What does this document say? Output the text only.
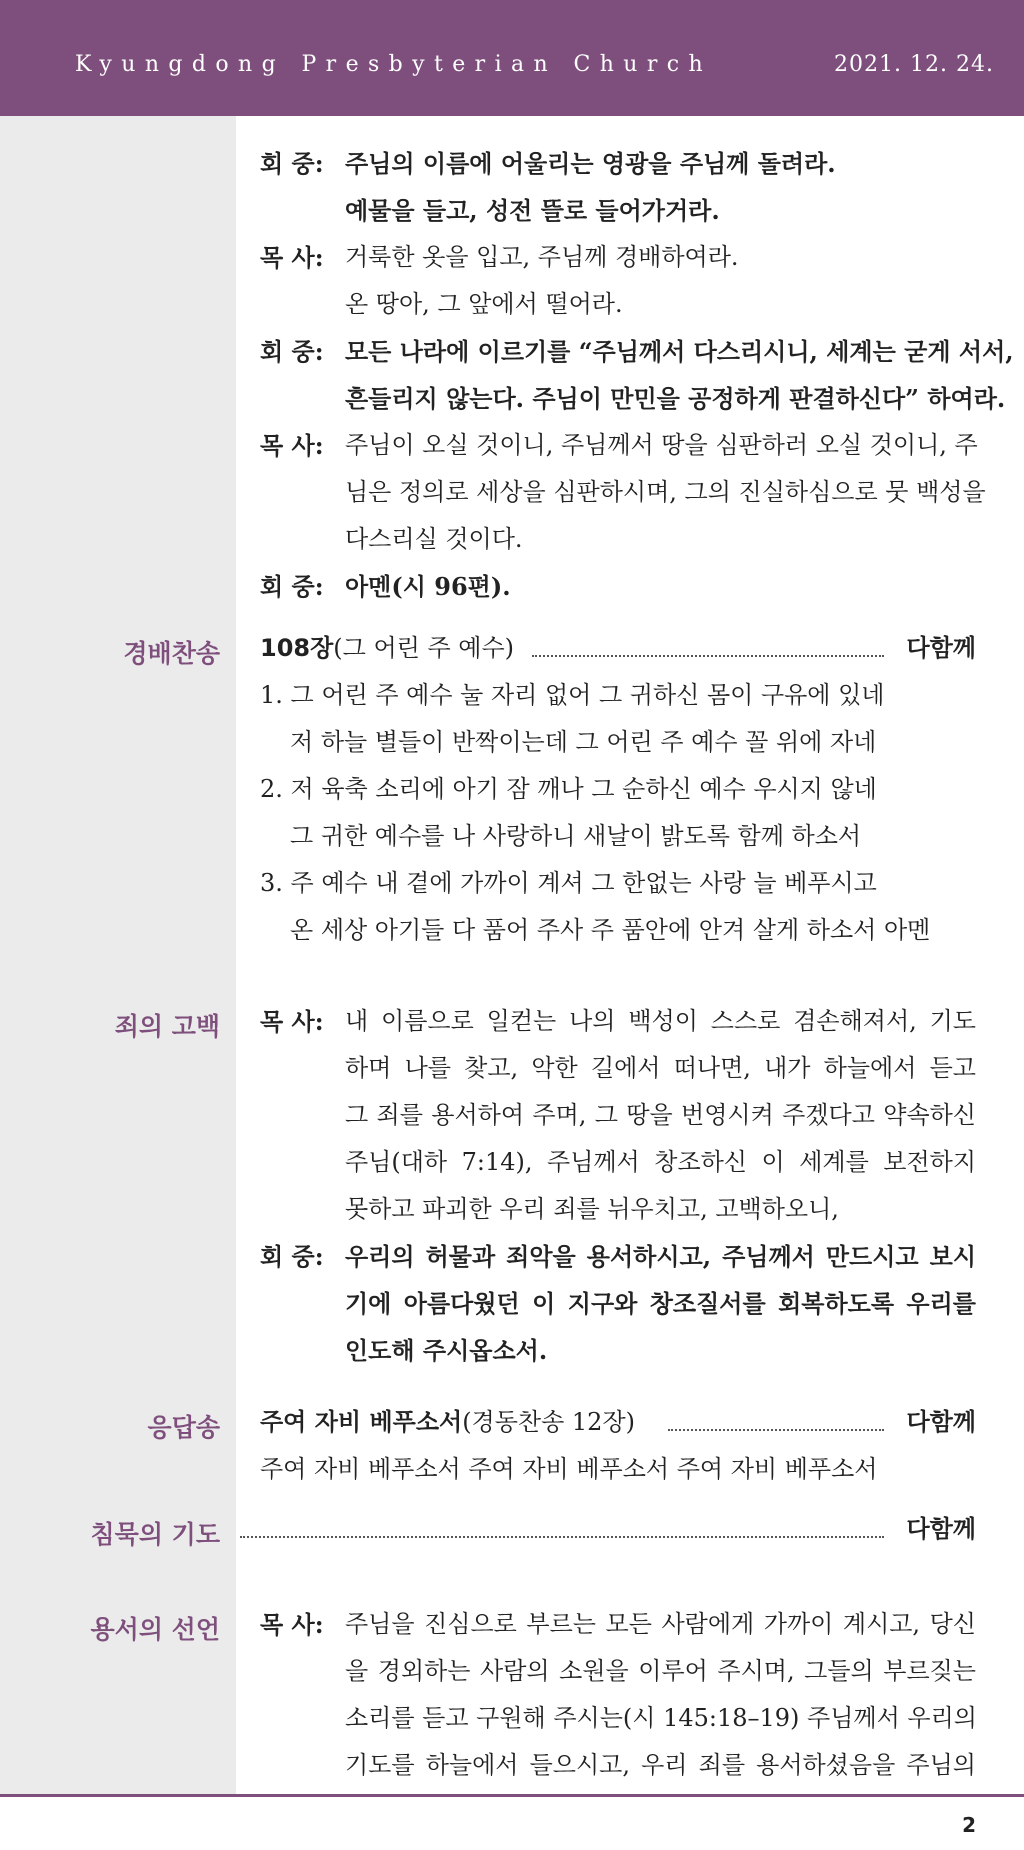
Kyungdong Presbyterian Church	2021. 12. 24.
회 중: 주님의 이름에 어울리는 영광을 주님께 돌려라.
예물을 들고, 성전 뜰로 들어가거라.
목 사: 거룩한 옷을 입고, 주님께 경배하여라.
온 땅아, 그 앞에서 떨어라.
회 중: 모든 나라에 이르기를 “주님께서 다스리시니, 세계는 굳게 서서,
흔들리지 않는다. 주님이 만민을 공정하게 판결하신다” 하여라.
목 사: 주님이 오실 것이니, 주님께서 땅을 심판하러 오실 것이니, 주
님은 정의로 세상을 심판하시며, 그의 진실하심으로 뭇 백성을
다스리실 것이다.
회 중: 아멘(시 96편).
경배찬송 108장(그 어린 주 예수)	다함께
1. 그 어린 주 예수 눌 자리 없어 그 귀하신 몸이 구유에 있네
저 하늘 별들이 반짝이는데 그 어린 주 예수 꼴 위에 자네
2. 저 육축 소리에 아기 잠 깨나 그 순하신 예수 우시지 않네
그 귀한 예수를 나 사랑하니 새날이 밝도록 함께 하소서
3. 주 예수 내 곁에 가까이 계셔 그 한없는 사랑 늘 베푸시고
온 세상 아기들 다 품어 주사 주 품안에 안겨 살게 하소서 아멘
죄의 고백 목 사: 내 이름으로 일컫는 나의 백성이 스스로 겸손해져서, 기도
하며 나를 찾고, 악한 길에서 떠나면, 내가 하늘에서 듣고
그 죄를 용서하여 주며, 그 땅을 번영시켜 주겠다고 약속하신
주님(대하 7:14), 주님께서 창조하신 이 세계를 보전하지
못하고 파괴한 우리 죄를 뉘우치고, 고백하오니,
회 중: 우리의 허물과 죄악을 용서하시고, 주님께서 만드시고 보시
기에 아름다웠던 이 지구와 창조질서를 회복하도록 우리를
인도해 주시옵소서.
응답송 주여 자비 베푸소서(경동찬송 12장)	다함께
주여 자비 베푸소서 주여 자비 베푸소서 주여 자비 베푸소서
침묵의 기도	다함께
용서의 선언 목 사: 주님을 진심으로 부르는 모든 사람에게 가까이 계시고, 당신
을 경외하는 사람의 소원을 이루어 주시며, 그들의 부르짖는
소리를 듣고 구원해 주시는(시 145:18–19) 주님께서 우리의
기도를 하늘에서 들으시고, 우리 죄를 용서하셨음을 주님의
2
